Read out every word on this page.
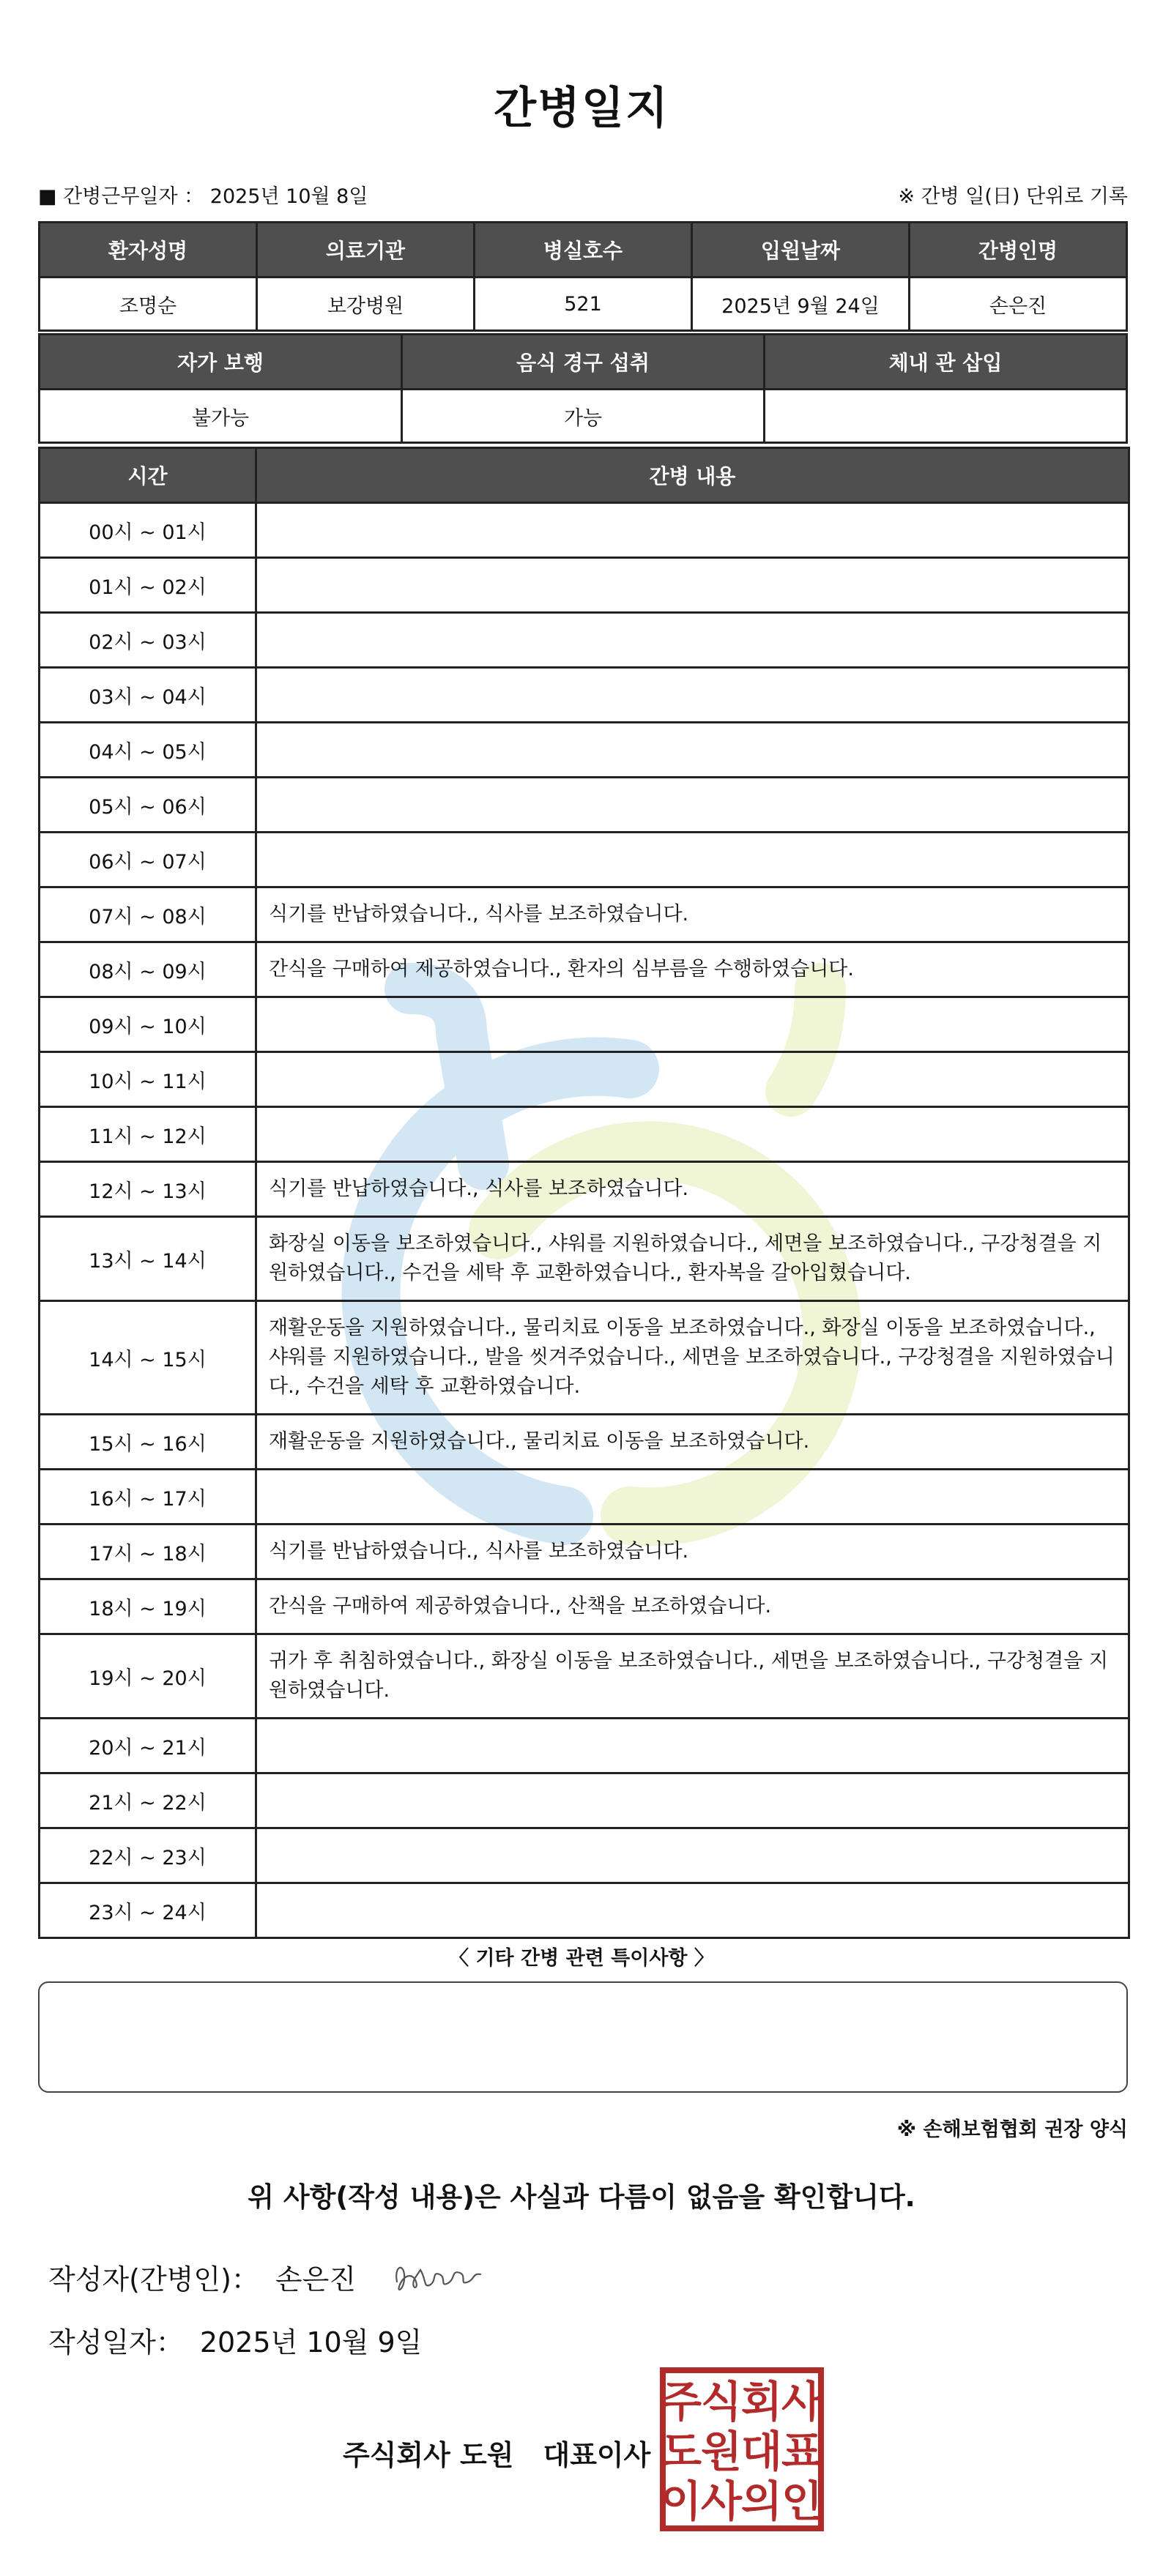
간병일지
■ 간병근무일자 ： 2025년 10월 8일	※ 간병 일(日) 단위로 기록
환자성명	의료기관	병실호수	입원날짜	간병인명
조명순	보강병원	521	2025년 9월 24일	손은진
자가 보행	음식 경구 섭취	체내 관 삽입
불가능	가능	
시간	간병 내용
00시 ~ 01시	
01시 ~ 02시	
02시 ~ 03시	
03시 ~ 04시	
04시 ~ 05시	
05시 ~ 06시	
06시 ~ 07시	
07시 ~ 08시	식기를 반납하였습니다., 식사를 보조하였습니다.
08시 ~ 09시	간식을 구매하여 제공하였습니다., 환자의 심부름을 수행하였습니다.
09시 ~ 10시	
10시 ~ 11시	
11시 ~ 12시	
12시 ~ 13시	식기를 반납하였습니다., 식사를 보조하였습니다.
13시 ~ 14시	화장실 이동을 보조하였습니다., 샤워를 지원하였습니다., 세면을 보조하였습니다., 구강청결을 지원하였습니다., 수건을 세탁 후 교환하였습니다., 환자복을 갈아입혔습니다.
14시 ~ 15시	재활운동을 지원하였습니다., 물리치료 이동을 보조하였습니다., 화장실 이동을 보조하였습니다., 샤워를 지원하였습니다., 발을 씻겨주었습니다., 세면을 보조하였습니다., 구강청결을 지원하였습니다., 수건을 세탁 후 교환하였습니다.
15시 ~ 16시	재활운동을 지원하였습니다., 물리치료 이동을 보조하였습니다.
16시 ~ 17시	
17시 ~ 18시	식기를 반납하였습니다., 식사를 보조하였습니다.
18시 ~ 19시	간식을 구매하여 제공하였습니다., 산책을 보조하였습니다.
19시 ~ 20시	귀가 후 취침하였습니다., 화장실 이동을 보조하였습니다., 세면을 보조하였습니다., 구강청결을 지원하였습니다.
20시 ~ 21시	
21시 ~ 22시	
22시 ~ 23시	
23시 ~ 24시	
〈 기타 간병 관련 특이사항 〉
※ 손해보험협회 권장 양식
위 사항(작성 내용)은 사실과 다름이 없음을 확인합니다.
작성자(간병인)： 손은진
작성일자： 2025년 10월 9일
주식회사 도원 대표이사
주
식
회
사
도
원
대
표
이
사
의
인
